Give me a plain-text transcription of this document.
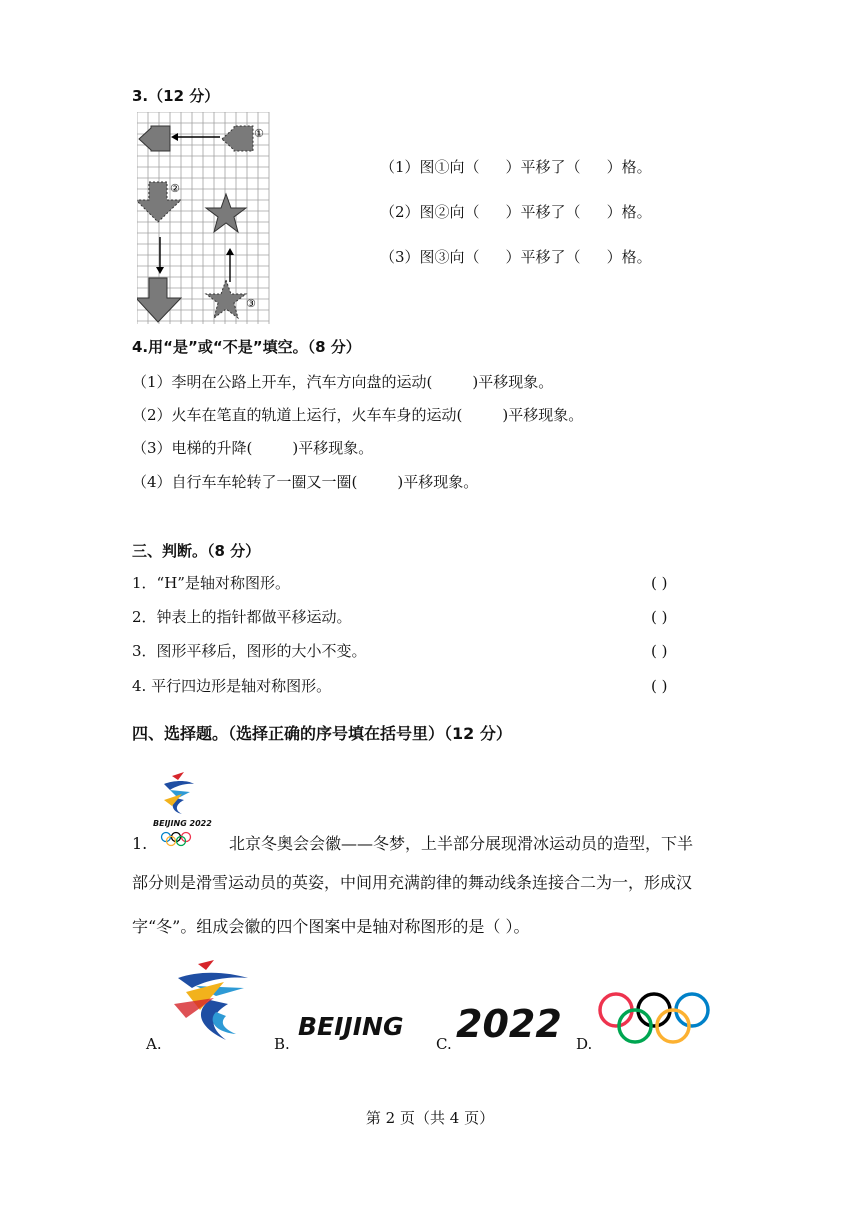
3.（12 分）
①
②
③
（1）图①向（ ）平移了（ ）格。
（2）图②向（ ）平移了（ ）格。
（3）图③向（ ）平移了（ ）格。
4.用“是”或“不是”填空。（8 分）
（1）李明在公路上开车，汽车方向盘的运动(	)平移现象。
（2）火车在笔直的轨道上运行，火车车身的运动(	)平移现象。
（3）电梯的升降(	)平移现象。
（4）自行车车轮转了一圈又一圈(	)平移现象。
三、判断。（8 分）
1．“H”是轴对称图形。	( )
2．钟表上的指针都做平移运动。	( )
3．图形平移后，图形的大小不变。	( )
4. 平行四边形是轴对称图形。	( )
四、选择题。（选择正确的序号填在括号里）（12 分）
BEIJING 2022
1.	北京冬奥会会徽——冬梦，上半部分展现滑冰运动员的造型，下半
部分则是滑雪运动员的英姿，中间用充满韵律的舞动线条连接合二为一，形成汉
字“冬”。组成会徽的四个图案中是轴对称图形的是（ ）。
A.	B.
BEIJING
C. 2022 D.
第 2 页（共 4 页）
